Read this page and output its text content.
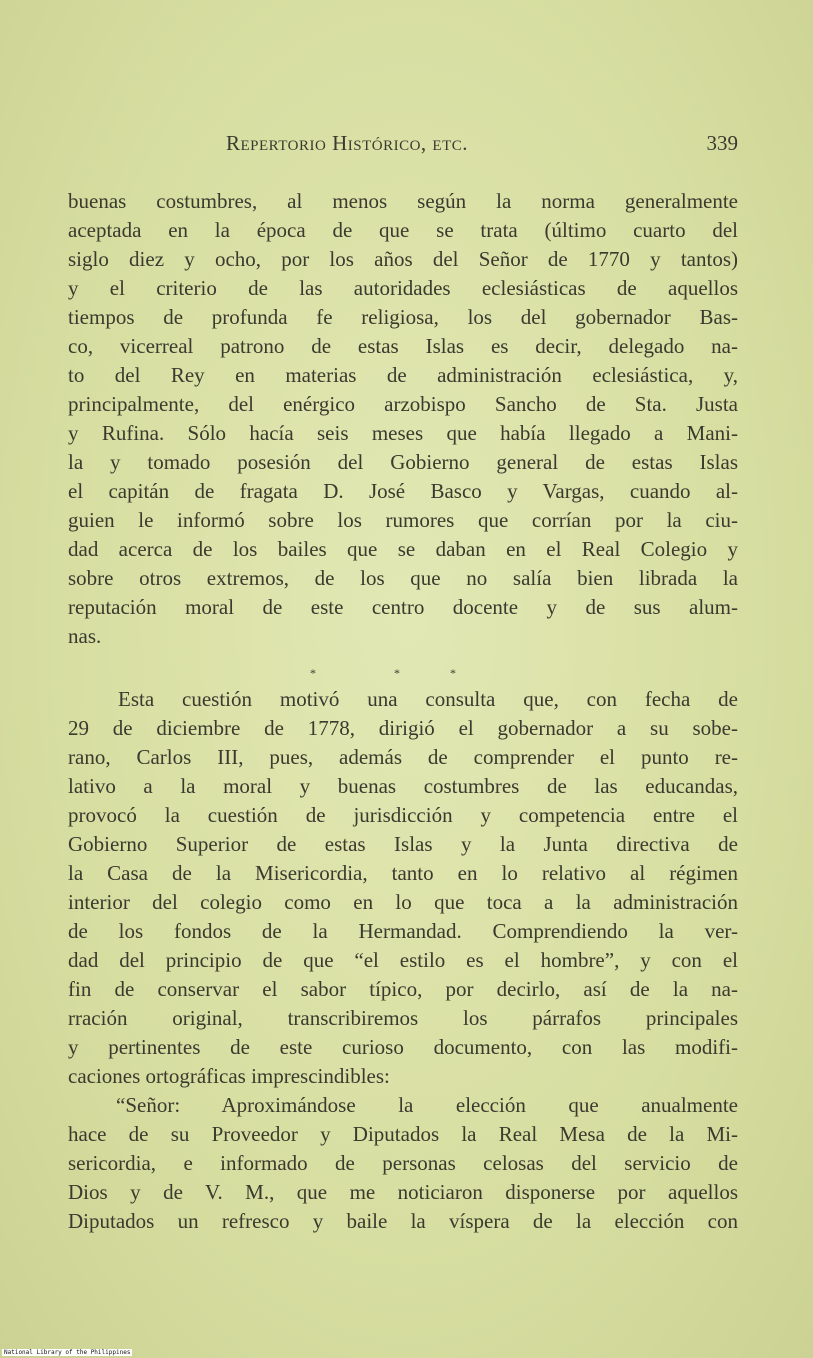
Repertorio Histórico, etc.	339
buenas costumbres, al menos según la norma generalmente
aceptada en la época de que se trata (último cuarto del
siglo diez y ocho, por los años del Señor de 1770 y tantos)
y el criterio de las autoridades eclesiásticas de aquellos
tiempos de profunda fe religiosa, los del gobernador Bas-
co, vicerreal patrono de estas Islas es decir, delegado na-
to del Rey en materias de administración eclesiástica, y,
principalmente, del enérgico arzobispo Sancho de Sta. Justa
y Rufina. Sólo hacía seis meses que había llegado a Mani-
la y tomado posesión del Gobierno general de estas Islas
el capitán de fragata D. José Basco y Vargas, cuando al-
guien le informó sobre los rumores que corrían por la ciu-
dad acerca de los bailes que se daban en el Real Colegio y
sobre otros extremos, de los que no salía bien librada la
reputación moral de este centro docente y de sus alum-
nas.
*	*	*
Esta cuestión motivó una consulta que, con fecha de
29 de diciembre de 1778, dirigió el gobernador a su sobe-
rano, Carlos III, pues, además de comprender el punto re-
lativo a la moral y buenas costumbres de las educandas,
provocó la cuestión de jurisdicción y competencia entre el
Gobierno Superior de estas Islas y la Junta directiva de
la Casa de la Misericordia, tanto en lo relativo al régimen
interior del colegio como en lo que toca a la administración
de los fondos de la Hermandad. Comprendiendo la ver-
dad del principio de que “el estilo es el hombre”, y con el
fin de conservar el sabor típico, por decirlo, así de la na-
rración original, transcribiremos los párrafos principales
y pertinentes de este curioso documento, con las modifi-
caciones ortográficas imprescindibles:
“Señor: Aproximándose la elección que anualmente
hace de su Proveedor y Diputados la Real Mesa de la Mi-
sericordia, e informado de personas celosas del servicio de
Dios y de V. M., que me noticiaron disponerse por aquellos
Diputados un refresco y baile la víspera de la elección con
National Library of the Philippines
